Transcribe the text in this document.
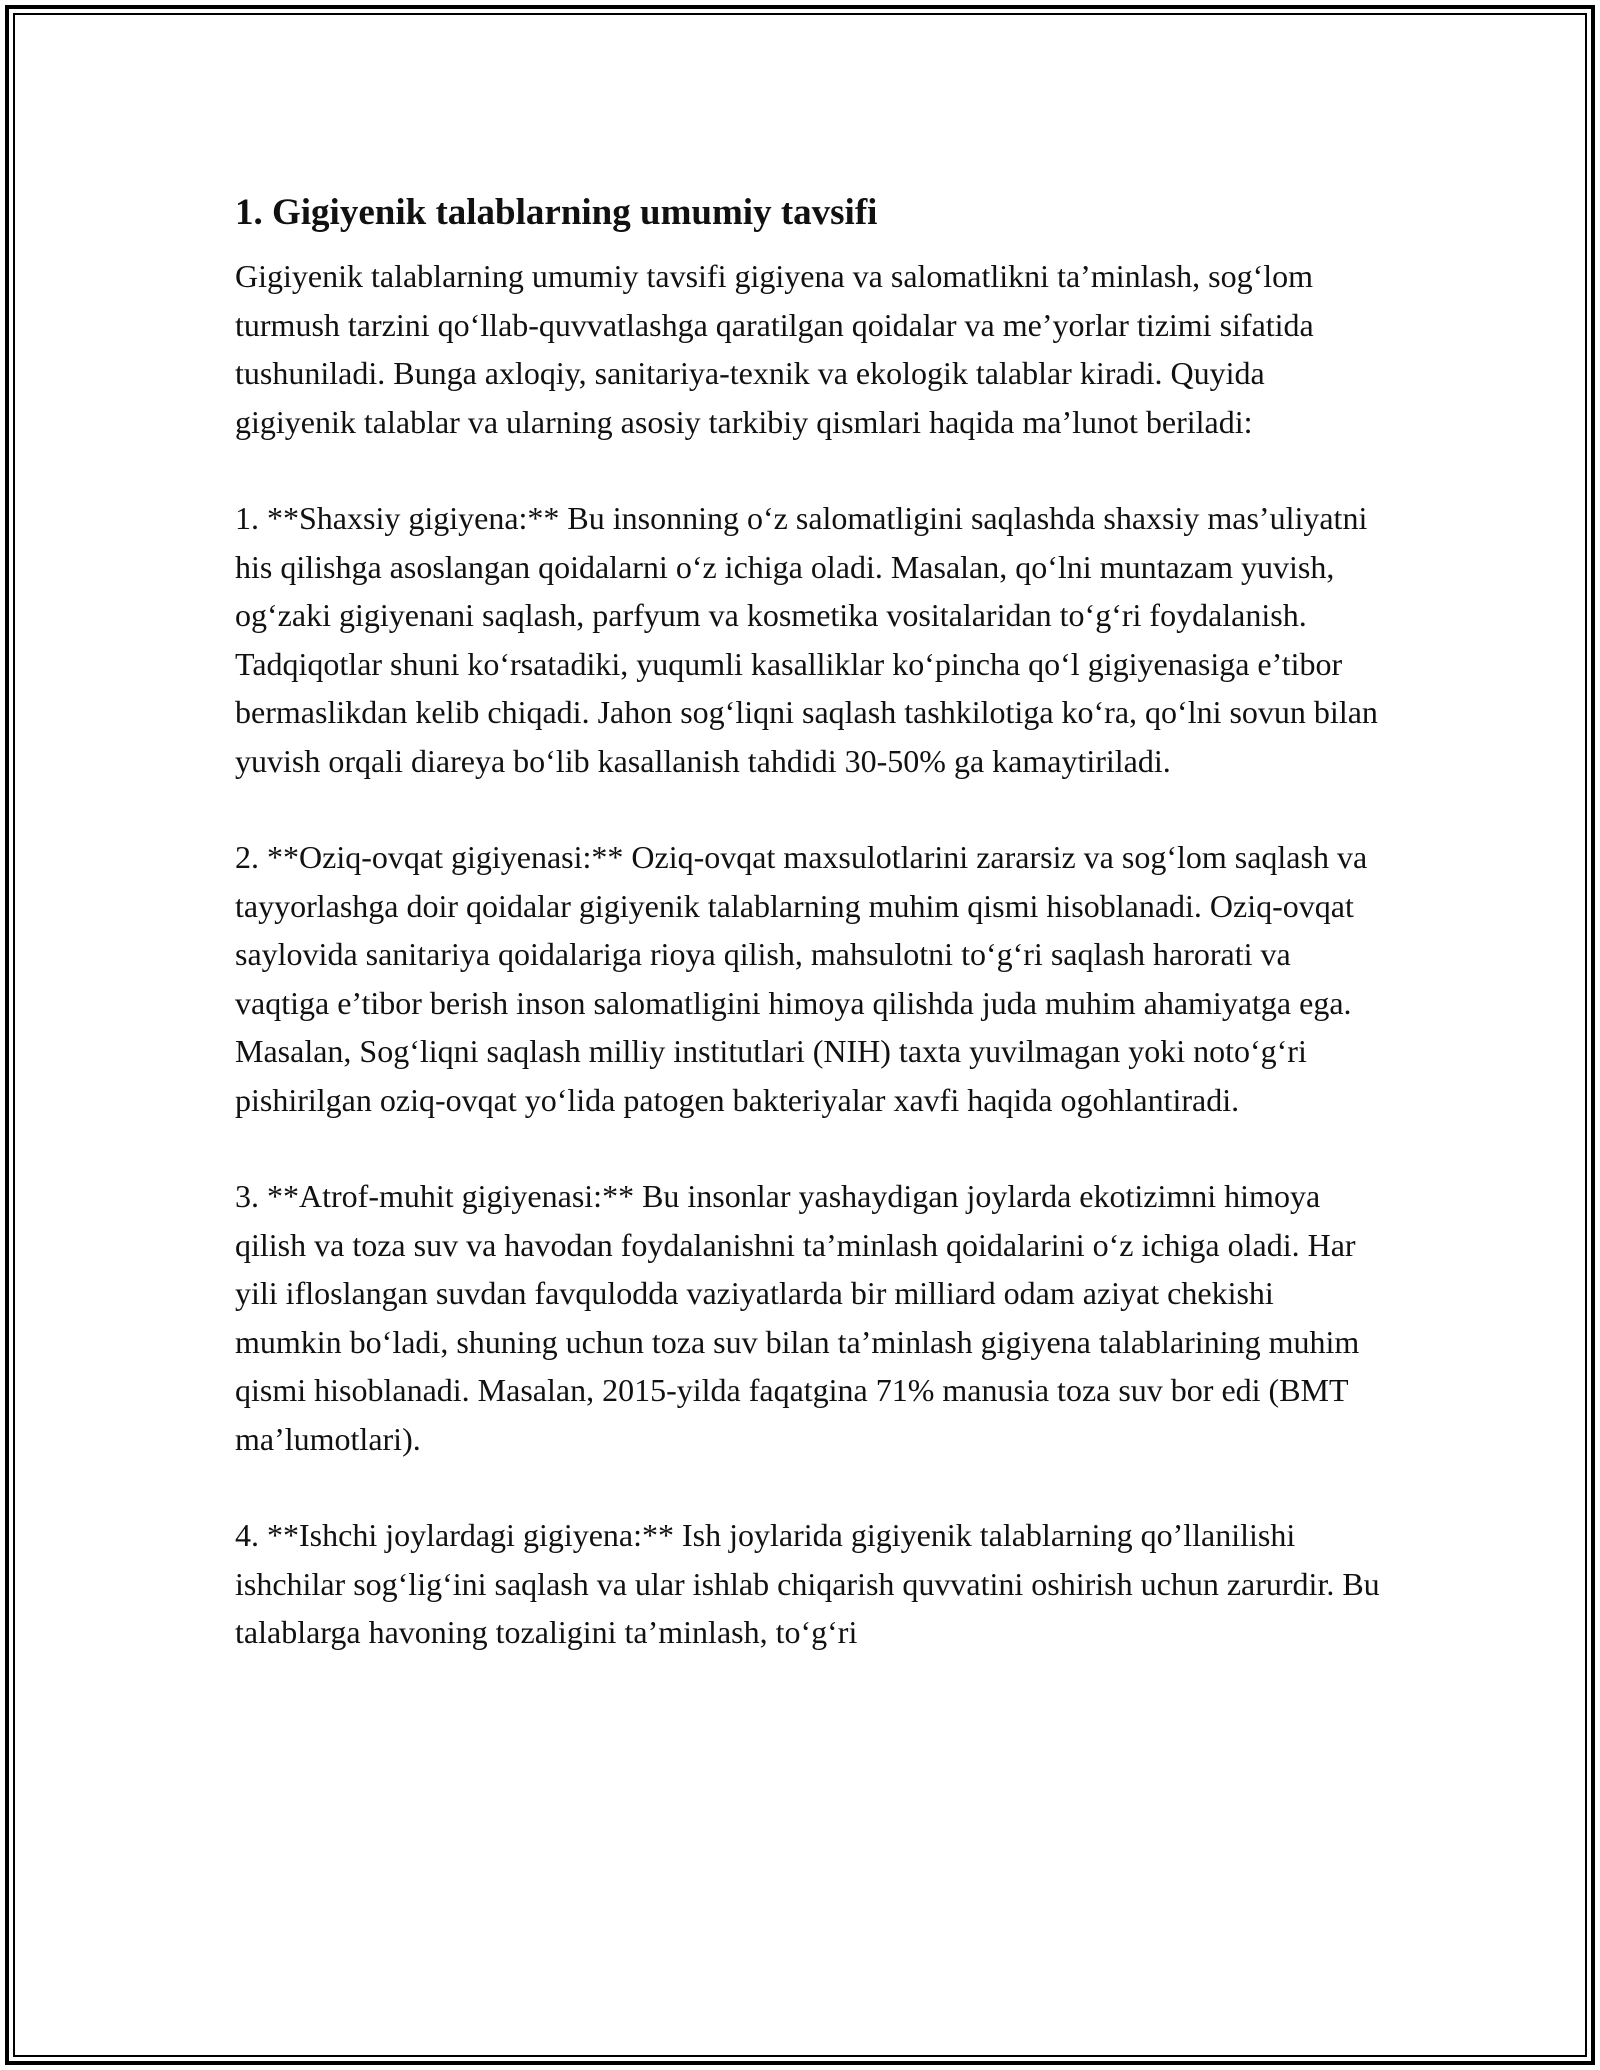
1. Gigiyenik talablarning umumiy tavsifi

Gigiyenik talablarning umumiy tavsifi gigiyena va salomatlikni ta’minlash, sog‘lom turmush tarzini qo‘llab-quvvatlashga qaratilgan qoidalar va me’yorlar tizimi sifatida tushuniladi. Bunga axloqiy, sanitariya-texnik va ekologik talablar kiradi. Quyida gigiyenik talablar va ularning asosiy tarkibiy qismlari haqida ma’lunot beriladi:

1. **Shaxsiy gigiyena:** Bu insonning o‘z salomatligini saqlashda shaxsiy mas’uliyatni his qilishga asoslangan qoidalarni o‘z ichiga oladi. Masalan, qo‘lni muntazam yuvish, og‘zaki gigiyenani saqlash, parfyum va kosmetika vositalaridan to‘g‘ri foydalanish. Tadqiqotlar shuni ko‘rsatadiki, yuqumli kasalliklar ko‘pincha qo‘l gigiyenasiga e’tibor bermaslikdan kelib chiqadi. Jahon sog‘liqni saqlash tashkilotiga ko‘ra, qo‘lni sovun bilan yuvish orqali diareya bo‘lib kasallanish tahdidi 30-50% ga kamaytiriladi.

2. **Oziq-ovqat gigiyenasi:** Oziq-ovqat maxsulotlarini zararsiz va sog‘lom saqlash va tayyorlashga doir qoidalar gigiyenik talablarning muhim qismi hisoblanadi. Oziq-ovqat saylovida sanitariya qoidalariga rioya qilish, mahsulotni to‘g‘ri saqlash harorati va vaqtiga e’tibor berish inson salomatligini himoya qilishda juda muhim ahamiyatga ega. Masalan, Sog‘liqni saqlash milliy institutlari (NIH) taxta yuvilmagan yoki noto‘g‘ri pishirilgan oziq-ovqat yo‘lida patogen bakteriyalar xavfi haqida ogohlantiradi.

3. **Atrof-muhit gigiyenasi:** Bu insonlar yashaydigan joylarda ekotizimni himoya qilish va toza suv va havodan foydalanishni ta’minlash qoidalarini o‘z ichiga oladi. Har yili ifloslangan suvdan favqulodda vaziyatlarda bir milliard odam aziyat chekishi mumkin bo‘ladi, shuning uchun toza suv bilan ta’minlash gigiyena talablarining muhim qismi hisoblanadi. Masalan, 2015-yilda faqatgina 71% manusia toza suv bor edi (BMT ma’lumotlari).

4. **Ishchi joylardagi gigiyena:** Ish joylarida gigiyenik talablarning qo’llanilishi ishchilar sog‘lig‘ini saqlash va ular ishlab chiqarish quvvatini oshirish uchun zarurdir. Bu talablarga havoning tozaligini ta’minlash, to‘g‘ri
